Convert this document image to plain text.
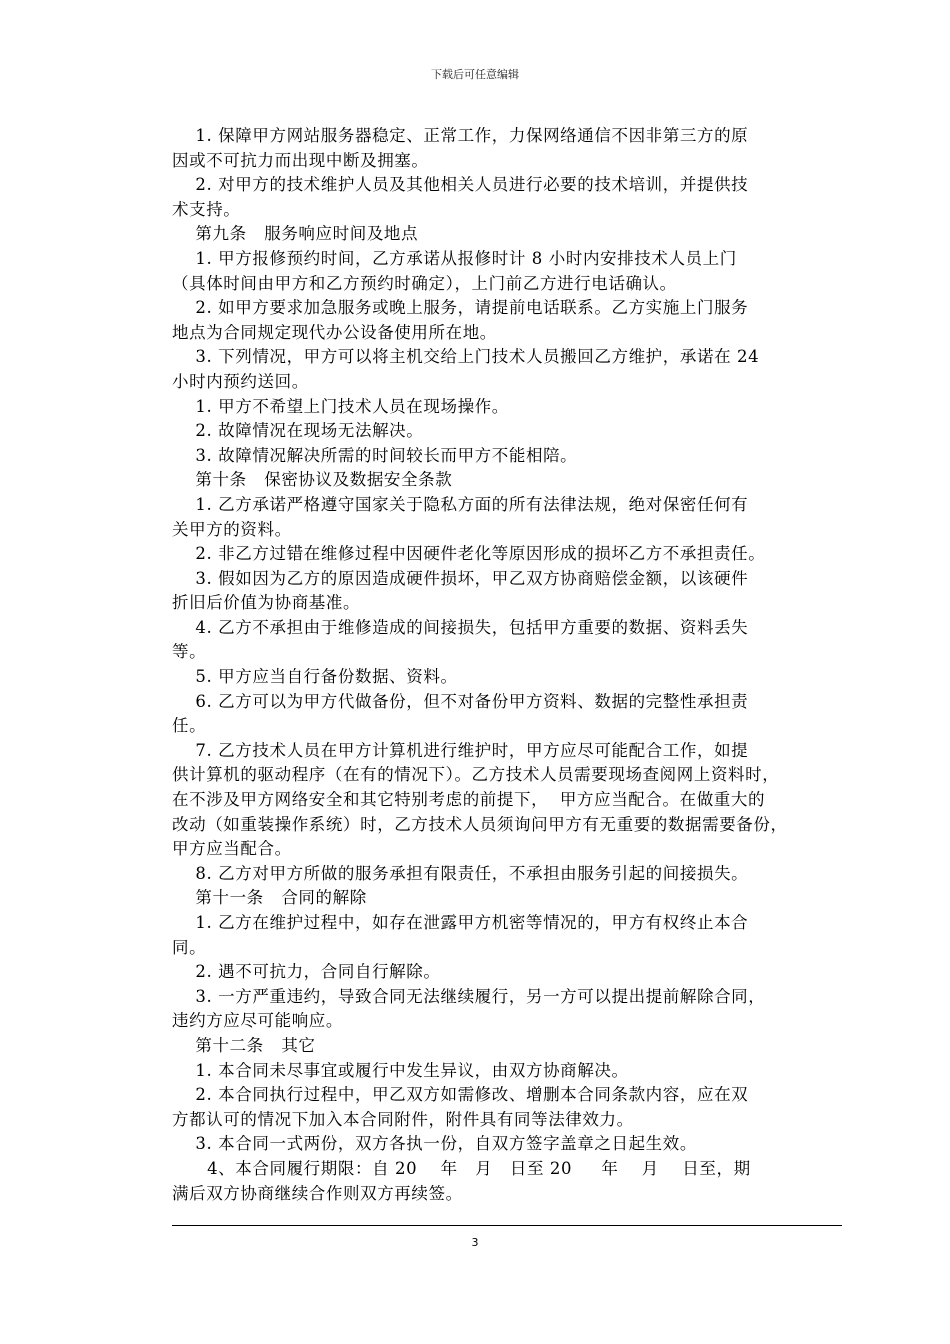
下载后可任意编辑
1. 保障甲方网站服务器稳定、正常工作，力保网络通信不因非第三方的原
因或不可抗力而出现中断及拥塞。
2. 对甲方的技术维护人员及其他相关人员进行必要的技术培训，并提供技
术支持。
第九条   服务响应时间及地点
1. 甲方报修预约时间，乙方承诺从报修时计 8 小时内安排技术人员上门
（具体时间由甲方和乙方预约时确定），上门前乙方进行电话确认。
2. 如甲方要求加急服务或晚上服务，请提前电话联系。乙方实施上门服务
地点为合同规定现代办公设备使用所在地。
3. 下列情况，甲方可以将主机交给上门技术人员搬回乙方维护，承诺在 24
小时内预约送回。
1. 甲方不希望上门技术人员在现场操作。
2. 故障情况在现场无法解决。
3. 故障情况解决所需的时间较长而甲方不能相陪。
第十条   保密协议及数据安全条款
1. 乙方承诺严格遵守国家关于隐私方面的所有法律法规，绝对保密任何有
关甲方的资料。
2. 非乙方过错在维修过程中因硬件老化等原因形成的损坏乙方不承担责任。
3. 假如因为乙方的原因造成硬件损坏，甲乙双方协商赔偿金额，以该硬件
折旧后价值为协商基准。
4. 乙方不承担由于维修造成的间接损失，包括甲方重要的数据、资料丢失
等。
5. 甲方应当自行备份数据、资料。
6. 乙方可以为甲方代做备份，但不对备份甲方资料、数据的完整性承担责
任。
7. 乙方技术人员在甲方计算机进行维护时，甲方应尽可能配合工作，如提
供计算机的驱动程序（在有的情况下）。乙方技术人员需要现场查阅网上资料时，
在不涉及甲方网络安全和其它特别考虑的前提下，  甲方应当配合。在做重大的
改动（如重装操作系统）时，乙方技术人员须询问甲方有无重要的数据需要备份，
甲方应当配合。
8. 乙方对甲方所做的服务承担有限责任，不承担由服务引起的间接损失。
第十一条   合同的解除
1. 乙方在维护过程中，如存在泄露甲方机密等情况的，甲方有权终止本合
同。
2. 遇不可抗力，合同自行解除。
3. 一方严重违约，导致合同无法继续履行，另一方可以提出提前解除合同，
违约方应尽可能响应。
第十二条   其它
1. 本合同未尽事宜或履行中发生异议，由双方协商解决。
2. 本合同执行过程中，甲乙双方如需修改、增删本合同条款内容，应在双
方都认可的情况下加入本合同附件，附件具有同等法律效力。
3. 本合同一式两份，双方各执一份，自双方签字盖章之日起生效。
4、本合同履行期限：自 20    年   月   日至 20     年    月    日至，期
满后双方协商继续合作则双方再续签。
3
